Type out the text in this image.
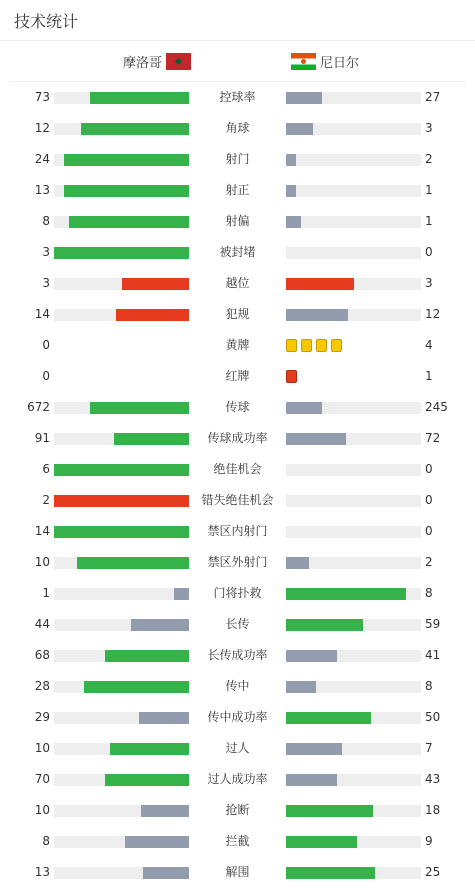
技术统计
摩洛哥	尼日尔
73	控球率	27
12	角球	3
24	射门	2
13	射正	1
8	射偏	1
3	被封堵	0
3	越位	3
14	犯规	12
0	黄牌	4
0	红牌	1
672	传球	245
91	传球成功率	72
6	绝佳机会	0
2	错失绝佳机会	0
14	禁区内射门	0
10	禁区外射门	2
1	门将扑救	8
44	长传	59
68	长传成功率	41
28	传中	8
29	传中成功率	50
10	过人	7
70	过人成功率	43
10	抢断	18
8	拦截	9
13	解围	25
